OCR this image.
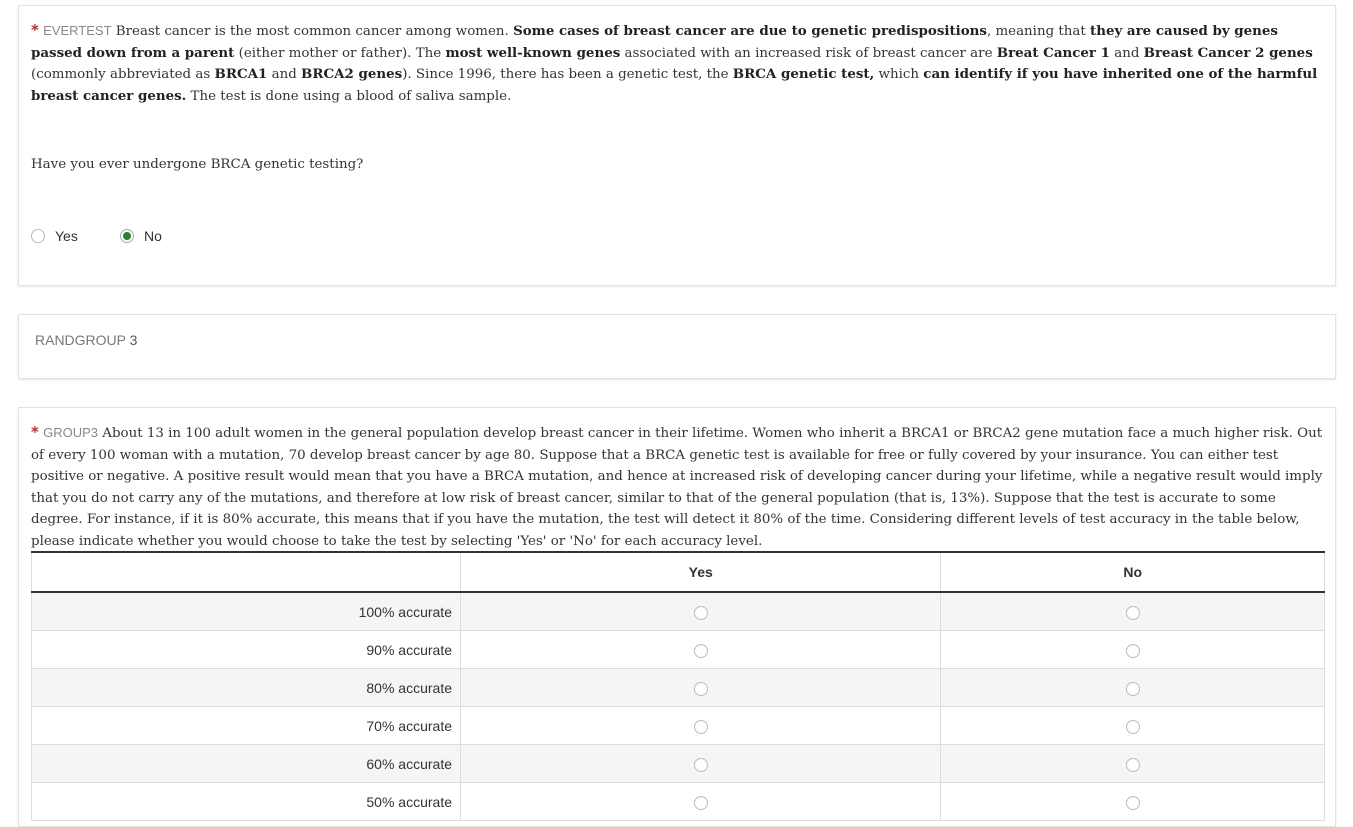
* EVERTEST Breast cancer is the most common cancer among women. Some cases of breast cancer are due to genetic predispositions, meaning that they are caused by genes passed down from a parent (either mother or father). The most well-known genes associated with an increased risk of breast cancer are Breat Cancer 1 and Breast Cancer 2 genes (commonly abbreviated as BRCA1 and BRCA2 genes). Since 1996, there has been a genetic test, the BRCA genetic test, which can identify if you have inherited one of the harmful breast cancer genes. The test is done using a blood of saliva sample.
Have you ever undergone BRCA genetic testing?
Yes	No
RANDGROUP 3
* GROUP3 About 13 in 100 adult women in the general population develop breast cancer in their lifetime. Women who inherit a BRCA1 or BRCA2 gene mutation face a much higher risk. Out of every 100 woman with a mutation, 70 develop breast cancer by age 80. Suppose that a BRCA genetic test is available for free or fully covered by your insurance. You can either test positive or negative. A positive result would mean that you have a BRCA mutation, and hence at increased risk of developing cancer during your lifetime, while a negative result would imply that you do not carry any of the mutations, and therefore at low risk of breast cancer, similar to that of the general population (that is, 13%). Suppose that the test is accurate to some degree. For instance, if it is 80% accurate, this means that if you have the mutation, the test will detect it 80% of the time. Considering different levels of test accuracy in the table below, please indicate whether you would choose to take the test by selecting 'Yes' or 'No' for each accuracy level.
	Yes	No
100% accurate		
90% accurate		
80% accurate		
70% accurate		
60% accurate		
50% accurate		
